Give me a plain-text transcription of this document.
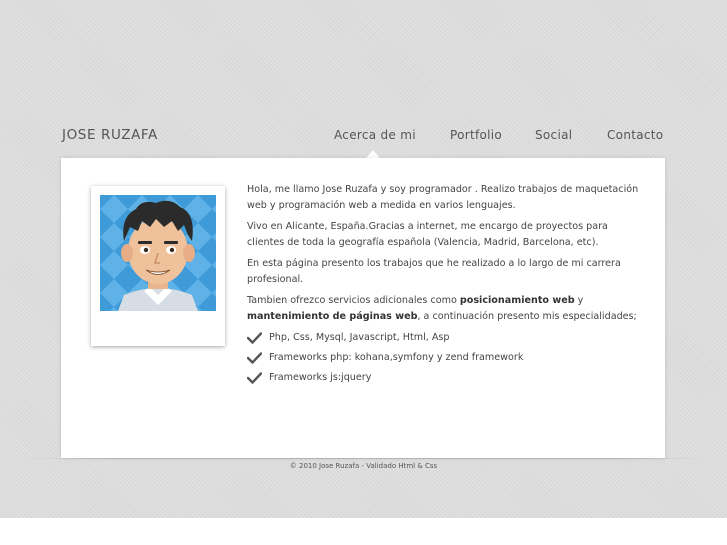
JOSE RUZAFA	Acerca de mi	Portfolio	Social	Contacto

Hola, me llamo Jose Ruzafa y soy programador . Realizo trabajos de maquetación web y programación web a medida en varios lenguajes.

Vivo en Alicante, España.Gracias a internet, me encargo de proyectos para clientes de toda la geografía española (Valencia, Madrid, Barcelona, etc).

En esta página presento los trabajos que he realizado a lo largo de mi carrera profesional.

Tambien ofrezco servicios adicionales como posicionamiento web y mantenimiento de páginas web, a continuación presento mis especialidades;

Php, Css, Mysql, Javascript, Html, Asp
Frameworks php: kohana,symfony y zend framework
Frameworks js:jquery
© 2010 Jose Ruzafa - Validado Html & Css
